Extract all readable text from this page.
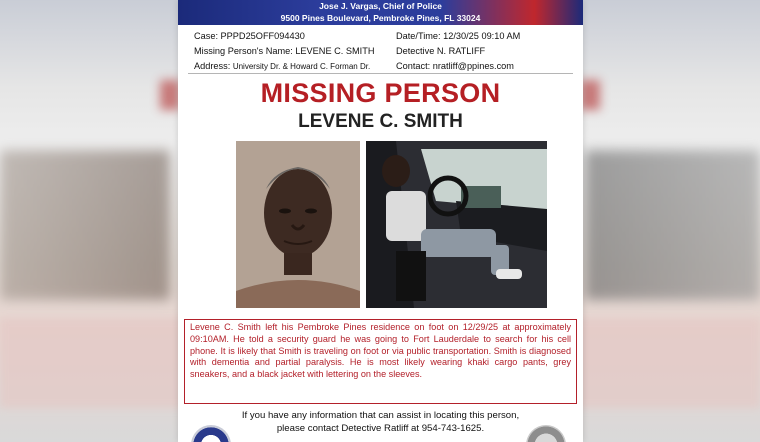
Jose J. Vargas, Chief of Police
9500 Pines Boulevard, Pembroke Pines, FL 33024
Case: PPPD25OFF094430	Date/Time: 12/30/25 09:10 AM
Missing Person's Name: LEVENE C. SMITH	Detective N. RATLIFF
Address: University Dr. & Howard C. Forman Dr.	Contact: nratliff@ppines.com
MISSING PERSON
LEVENE C. SMITH
Levene C. Smith left his Pembroke Pines residence on foot on 12/29/25 at approximately 09:10AM. He told a security guard he was going to Fort Lauderdale to search for his cell phone. It is likely that Smith is traveling on foot or via public transportation. Smith is diagnosed with dementia and partial paralysis. He is most likely wearing khaki cargo pants, grey sneakers, and a black jacket with lettering on the sleeves.
If you have any information that can assist in locating this person,
please contact Detective Ratliff at 954-743-1625.
